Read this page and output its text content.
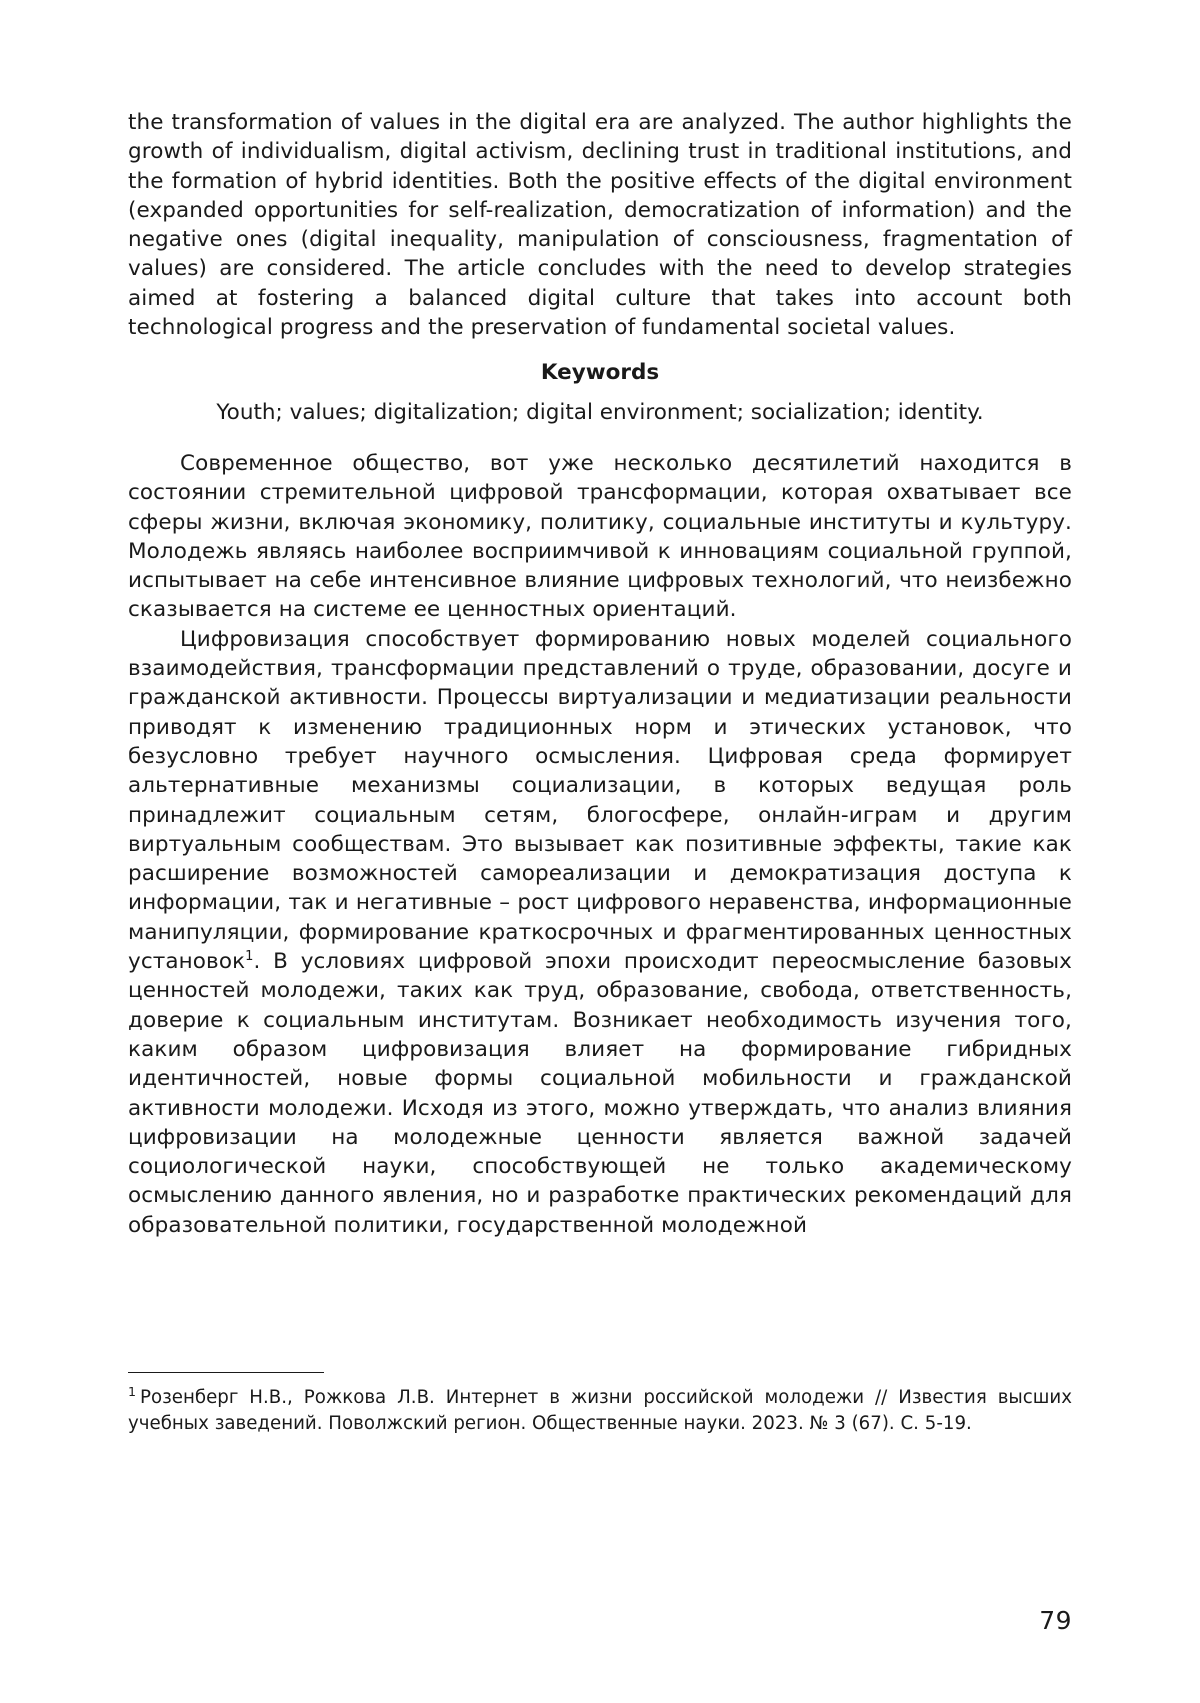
the transformation of values in the digital era are analyzed. The author highlights the growth of individualism, digital activism, declining trust in traditional institutions, and the formation of hybrid identities. Both the positive effects of the digital environment (expanded opportunities for self-realization, democratization of information) and the negative ones (digital inequality, manipulation of consciousness, fragmentation of values) are considered. The article concludes with the need to develop strategies aimed at fostering a balanced digital culture that takes into account both technological progress and the preservation of fundamental societal values.

Keywords
Youth; values; digitalization; digital environment; socialization; identity.

Современное общество, вот уже несколько десятилетий находится в состоянии стремительной цифровой трансформации, которая охватывает все сферы жизни, включая экономику, политику, социальные институты и культуру. Молодежь являясь наиболее восприимчивой к инновациям социальной группой, испытывает на себе интенсивное влияние цифровых технологий, что неизбежно сказывается на системе ее ценностных ориентаций.

Цифровизация способствует формированию новых моделей социального взаимодействия, трансформации представлений о труде, образовании, досуге и гражданской активности. Процессы виртуализации и медиатизации реальности приводят к изменению традиционных норм и этических установок, что безусловно требует научного осмысления. Цифровая среда формирует альтернативные механизмы социализации, в которых ведущая роль принадлежит социальным сетям, блогосфере, онлайн-играм и другим виртуальным сообществам. Это вызывает как позитивные эффекты, такие как расширение возможностей самореализации и демократизация доступа к информации, так и негативные – рост цифрового неравенства, информационные манипуляции, формирование краткосрочных и фрагментированных ценностных установок$^1$. В условиях цифровой эпохи происходит переосмысление базовых ценностей молодежи, таких как труд, образование, свобода, ответственность, доверие к социальным институтам. Возникает необходимость изучения того, каким образом цифровизация влияет на формирование гибридных идентичностей, новые формы социальной мобильности и гражданской активности молодежи. Исходя из этого, можно утверждать, что анализ влияния цифровизации на молодежные ценности является важной задачей социологической науки, способствующей не только академическому осмыслению данного явления, но и разработке практических рекомендаций для образовательной политики, государственной молодежной

$^1$ Розенберг Н.В., Рожкова Л.В. Интернет в жизни российской молодежи // Известия высших учебных заведений. Поволжский регион. Общественные науки. 2023. № 3 (67). С. 5-19.

79
